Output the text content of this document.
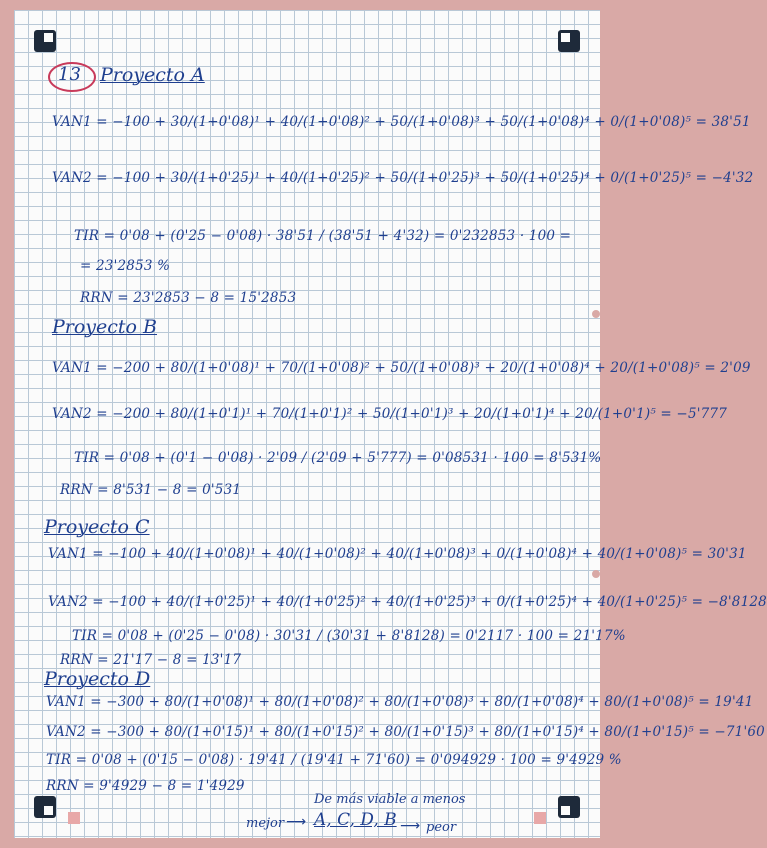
13 Proyecto A
VAN1 = −100 + 30/(1+0'08)¹ + 40/(1+0'08)² + 50/(1+0'08)³ + 50/(1+0'08)⁴ + 0/(1+0'08)⁵ = 38'51
VAN2 = −100 + 30/(1+0'25)¹ + 40/(1+0'25)² + 50/(1+0'25)³ + 50/(1+0'25)⁴ + 0/(1+0'25)⁵ = −4'32
TIR = 0'08 + (0'25 − 0'08) · 38'51 / (38'51 + 4'32) = 0'232853 · 100 =
= 23'2853 %
RRN = 23'2853 − 8 = 15'2853
Proyecto B
VAN1 = −200 + 80/(1+0'08)¹ + 70/(1+0'08)² + 50/(1+0'08)³ + 20/(1+0'08)⁴ + 20/(1+0'08)⁵ = 2'09
VAN2 = −200 + 80/(1+0'1)¹ + 70/(1+0'1)² + 50/(1+0'1)³ + 20/(1+0'1)⁴ + 20/(1+0'1)⁵ = −5'777
TIR = 0'08 + (0'1 − 0'08) · 2'09 / (2'09 + 5'777) = 0'08531 · 100 = 8'531%
RRN = 8'531 − 8 = 0'531
Proyecto C
VAN1 = −100 + 40/(1+0'08)¹ + 40/(1+0'08)² + 40/(1+0'08)³ + 0/(1+0'08)⁴ + 40/(1+0'08)⁵ = 30'31
VAN2 = −100 + 40/(1+0'25)¹ + 40/(1+0'25)² + 40/(1+0'25)³ + 0/(1+0'25)⁴ + 40/(1+0'25)⁵ = −8'8128
TIR = 0'08 + (0'25 − 0'08) · 30'31 / (30'31 + 8'8128) = 0'2117 · 100 = 21'17%
RRN = 21'17 − 8 = 13'17
Proyecto D
VAN1 = −300 + 80/(1+0'08)¹ + 80/(1+0'08)² + 80/(1+0'08)³ + 80/(1+0'08)⁴ + 80/(1+0'08)⁵ = 19'41
VAN2 = −300 + 80/(1+0'15)¹ + 80/(1+0'15)² + 80/(1+0'15)³ + 80/(1+0'15)⁴ + 80/(1+0'15)⁵ = −71'60
TIR = 0'08 + (0'15 − 0'08) · 19'41 / (19'41 + 71'60) = 0'094929 · 100 = 9'4929 %
RRN = 9'4929 − 8 = 1'4929
De más viable a menos
mejor ⟶ A, C, D, B ⟶ peor
